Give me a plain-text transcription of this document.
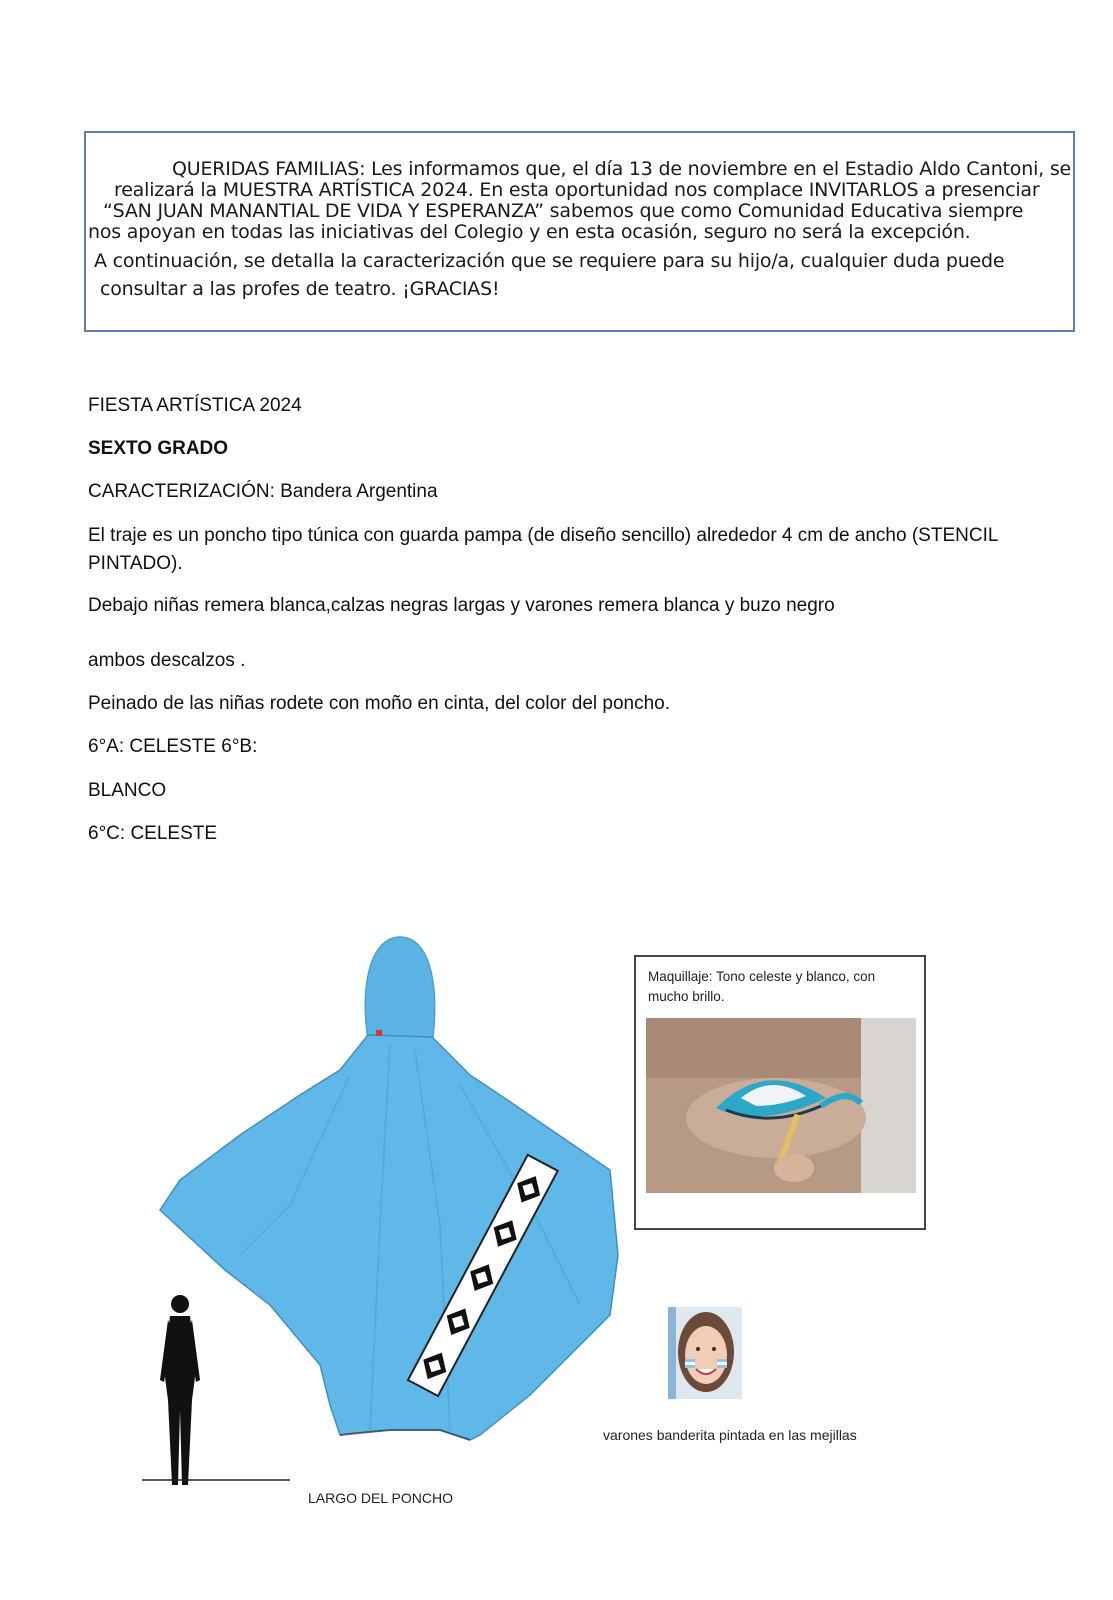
QUERIDAS FAMILIAS: Les informamos que, el día 13 de noviembre en el Estadio Aldo Cantoni, se
realizará la MUESTRA ARTÍSTICA 2024. En esta oportunidad nos complace INVITARLOS a presenciar
“SAN JUAN MANANTIAL DE VIDA Y ESPERANZA” sabemos que como Comunidad Educativa siempre
nos apoyan en todas las iniciativas del Colegio y en esta ocasión, seguro no será la excepción.
A continuación, se detalla la caracterización que se requiere para su hijo/a, cualquier duda puede
consultar a las profes de teatro. ¡GRACIAS!
FIESTA ARTÍSTICA 2024
SEXTO GRADO
CARACTERIZACIÓN: Bandera Argentina
El traje es un poncho tipo túnica con guarda pampa (de diseño sencillo) alrededor 4 cm de ancho (STENCIL
PINTADO).
Debajo niñas remera blanca,calzas negras largas y varones remera blanca y buzo negro
ambos descalzos .
Peinado de las niñas rodete con moño en cinta, del color del poncho.
6°A: CELESTE 6°B:
BLANCO
6°C: CELESTE
LARGO DEL PONCHO
Maquillaje: Tono celeste y blanco, con mucho brillo.
varones banderita pintada en las mejillas
